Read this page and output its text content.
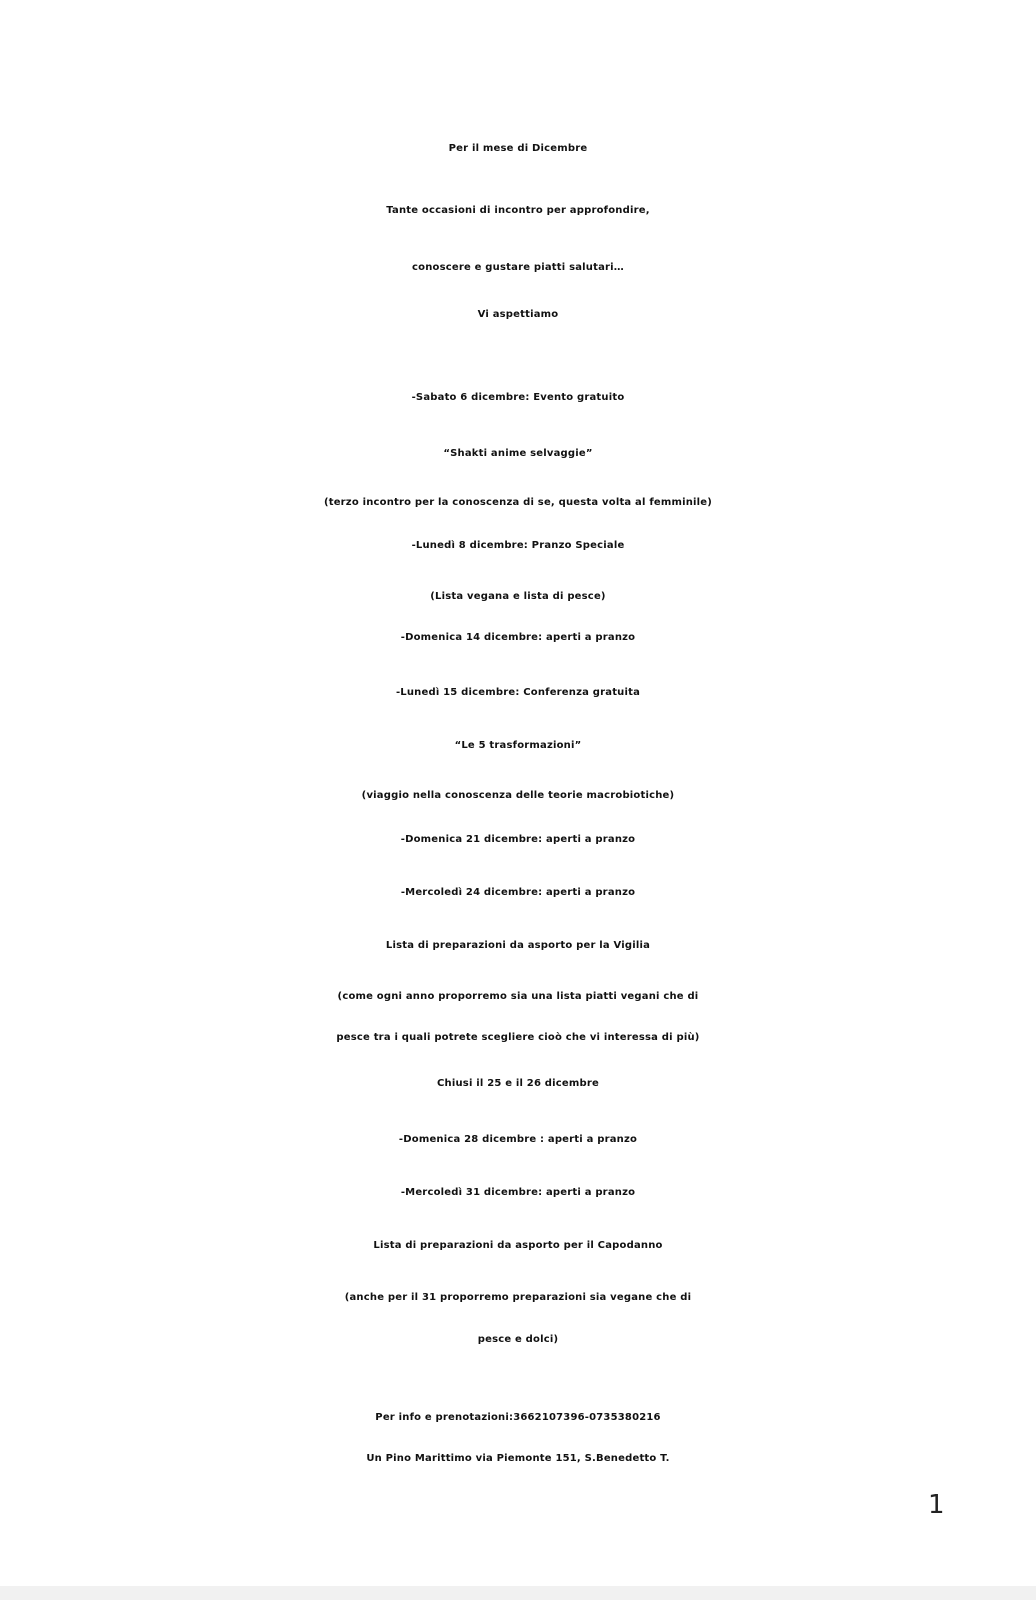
Per il mese di Dicembre
Tante occasioni di incontro per approfondire,
conoscere e gustare piatti salutari…
Vi aspettiamo
-Sabato 6 dicembre: Evento gratuito
“Shakti anime selvaggie”
(terzo incontro per la conoscenza di se, questa volta al femminile)
-Lunedì 8 dicembre: Pranzo Speciale
(Lista vegana e lista di pesce)
-Domenica 14 dicembre: aperti a pranzo
-Lunedì 15 dicembre: Conferenza gratuita
“Le 5 trasformazioni”
(viaggio nella conoscenza delle teorie macrobiotiche)
-Domenica 21 dicembre: aperti a pranzo
-Mercoledì 24 dicembre: aperti a pranzo
Lista di preparazioni da asporto per la Vigilia
(come ogni anno proporremo sia una lista piatti vegani che di
pesce tra i quali potrete scegliere cioò che vi interessa di più)
Chiusi il 25 e il 26 dicembre
-Domenica 28 dicembre : aperti a pranzo
-Mercoledì 31 dicembre: aperti a pranzo
Lista di preparazioni da asporto per il Capodanno
(anche per il 31 proporremo preparazioni sia vegane che di
pesce e dolci)
Per info e prenotazioni:3662107396-0735380216
Un Pino Marittimo via Piemonte 151, S.Benedetto T.
1
